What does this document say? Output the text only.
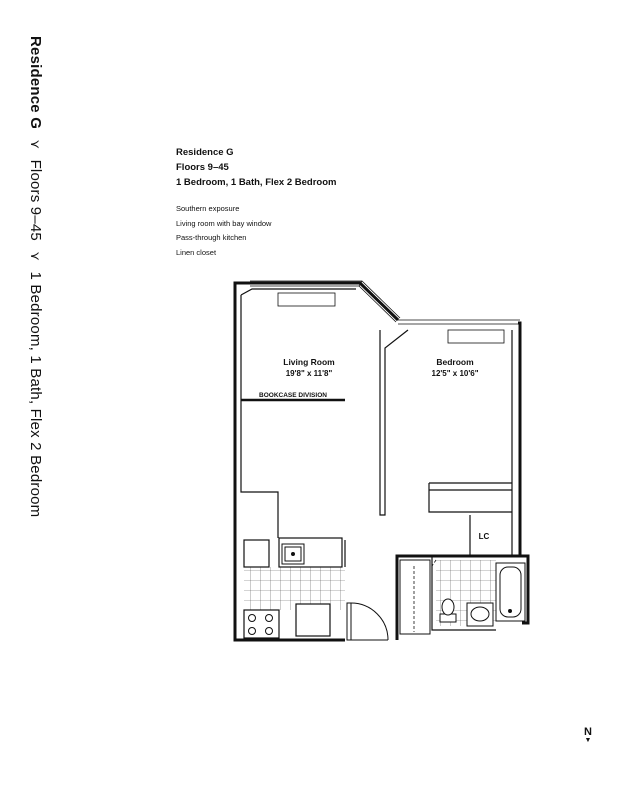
Residence G ⋎ Floors 9–45 ⋎ 1 Bedroom, 1 Bath, Flex 2 Bedroom
Residence G
Floors 9–45
1 Bedroom, 1 Bath, Flex 2 Bedroom
Southern exposure
Living room with bay window
Pass-through kitchen
Linen closet
Living Room
19'8" x 11'8"
BOOKCASE DIVISION
Bedroom
12'5" x 10'6"
LC
N
▼
